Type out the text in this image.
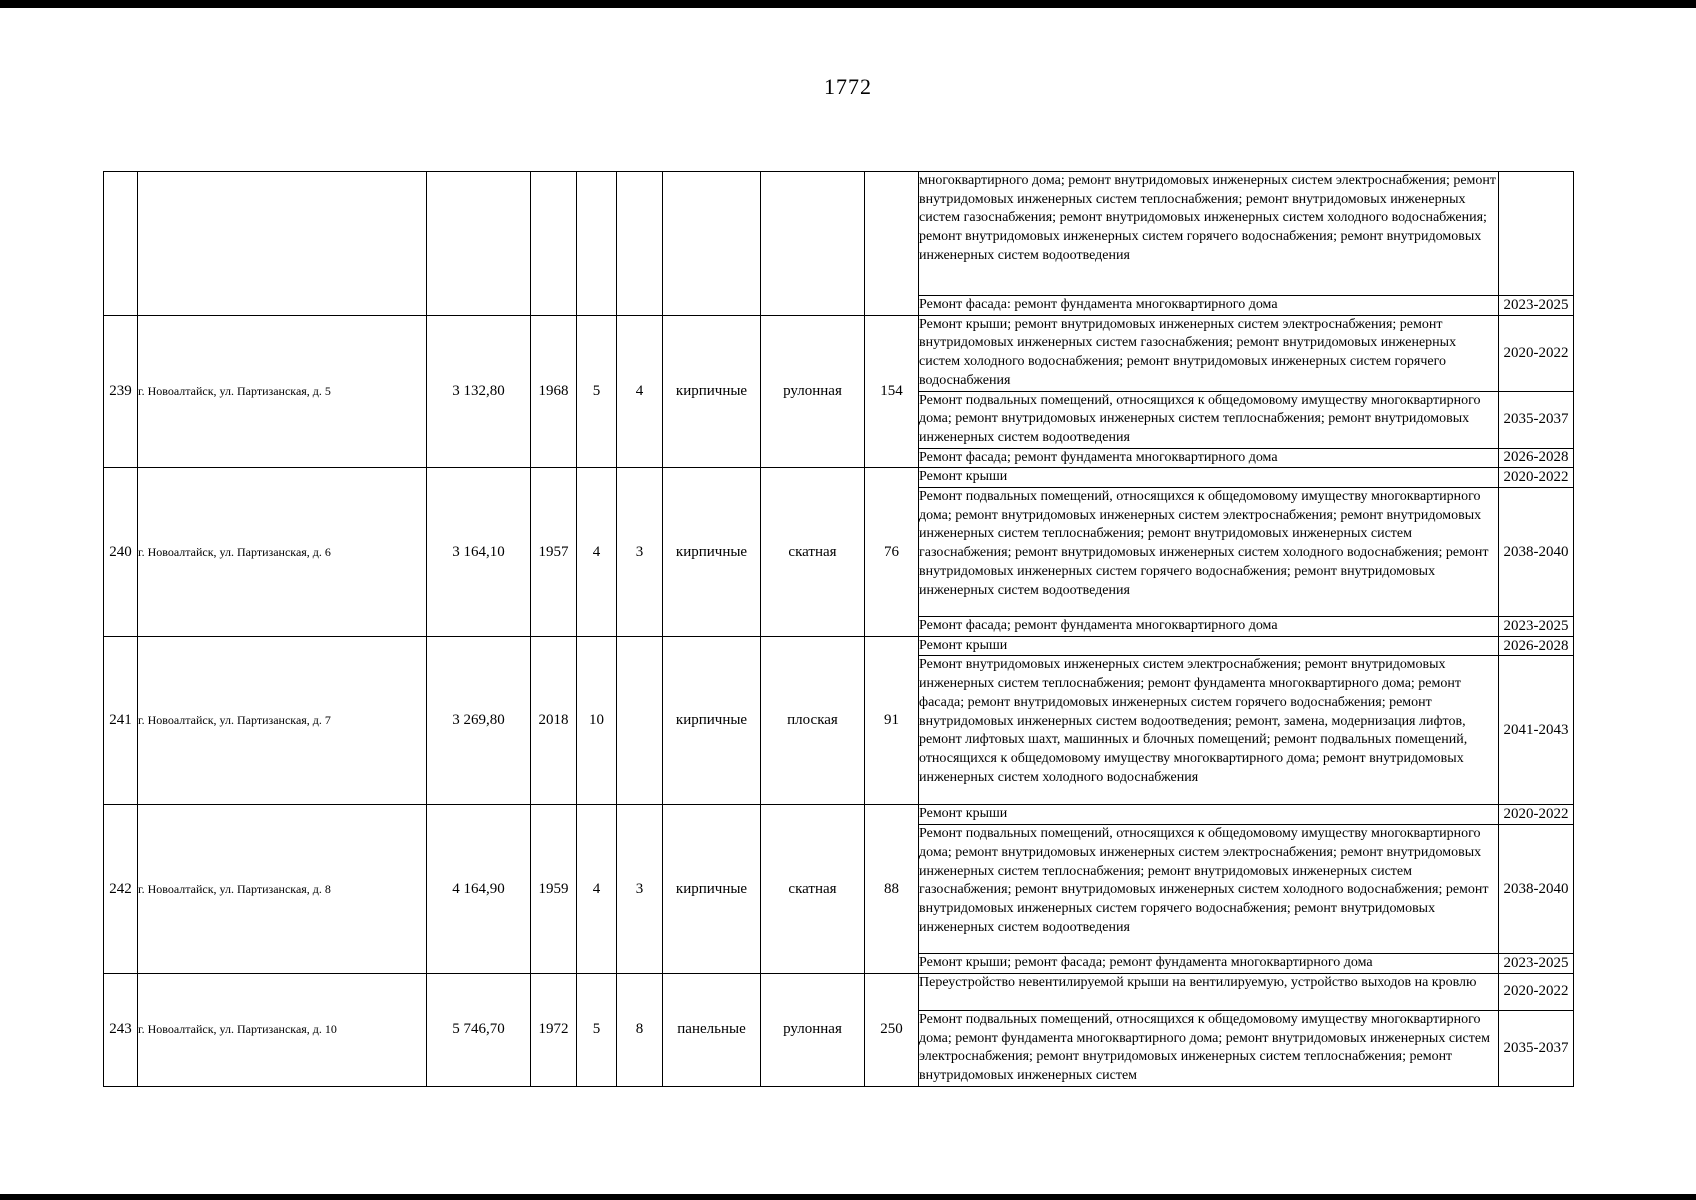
1772
									многоквартирного дома; ремонт внутридомовых инженерных систем электроснабжения; ремонт внутридомовых инженерных систем теплоснабжения; ремонт внутридомовых инженерных систем газоснабжения; ремонт внутридомовых инженерных систем холодного водоснабжения; ремонт внутридомовых инженерных систем горячего водоснабжения; ремонт внутридомовых инженерных систем водоотведения	
									Ремонт фасада: ремонт фундамента многоквартирного дома	2023-2025
239	г. Новоалтайск, ул. Партизанская, д. 5	3 132,80	1968	5	4	кирпичные	рулонная	154	Ремонт крыши; ремонт внутридомовых инженерных систем электроснабжения; ремонт внутридомовых инженерных систем газоснабжения; ремонт внутридомовых инженерных систем холодного водоснабжения; ремонт внутридомовых инженерных систем горячего водоснабжения	2020-2022
									Ремонт подвальных помещений, относящихся к общедомовому имуществу многоквартирного дома; ремонт внутридомовых инженерных систем теплоснабжения; ремонт внутридомовых инженерных систем водоотведения	2035-2037
									Ремонт фасада; ремонт фундамента многоквартирного дома	2026-2028
240	г. Новоалтайск, ул. Партизанская, д. 6	3 164,10	1957	4	3	кирпичные	скатная	76	Ремонт крыши	2020-2022
									Ремонт подвальных помещений, относящихся к общедомовому имуществу многоквартирного дома; ремонт внутридомовых инженерных систем электроснабжения; ремонт внутридомовых инженерных систем теплоснабжения; ремонт внутридомовых инженерных систем газоснабжения; ремонт внутридомовых инженерных систем холодного водоснабжения; ремонт внутридомовых инженерных систем горячего водоснабжения; ремонт внутридомовых инженерных систем водоотведения	2038-2040
									Ремонт фасада; ремонт фундамента многоквартирного дома	2023-2025
241	г. Новоалтайск, ул. Партизанская, д. 7	3 269,80	2018	10		кирпичные	плоская	91	Ремонт крыши	2026-2028
									Ремонт внутридомовых инженерных систем электроснабжения; ремонт внутридомовых инженерных систем теплоснабжения; ремонт фундамента многоквартирного дома; ремонт фасада; ремонт внутридомовых инженерных систем горячего водоснабжения; ремонт внутридомовых инженерных систем водоотведения; ремонт, замена, модернизация лифтов, ремонт лифтовых шахт, машинных и блочных помещений; ремонт подвальных помещений, относящихся к общедомовому имуществу многоквартирного дома; ремонт внутридомовых инженерных систем холодного водоснабжения	2041-2043
242	г. Новоалтайск, ул. Партизанская, д. 8	4 164,90	1959	4	3	кирпичные	скатная	88	Ремонт крыши	2020-2022
									Ремонт подвальных помещений, относящихся к общедомовому имуществу многоквартирного дома; ремонт внутридомовых инженерных систем электроснабжения; ремонт внутридомовых инженерных систем теплоснабжения; ремонт внутридомовых инженерных систем газоснабжения; ремонт внутридомовых инженерных систем холодного водоснабжения; ремонт внутридомовых инженерных систем горячего водоснабжения; ремонт внутридомовых инженерных систем водоотведения	2038-2040
									Ремонт крыши; ремонт фасада; ремонт фундамента многоквартирного дома	2023-2025
243	г. Новоалтайск, ул. Партизанская, д. 10	5 746,70	1972	5	8	панельные	рулонная	250	Переустройство невентилируемой крыши на вентилируемую, устройство выходов на кровлю	2020-2022
									Ремонт подвальных помещений, относящихся к общедомовому имуществу многоквартирного дома; ремонт фундамента многоквартирного дома; ремонт внутридомовых инженерных систем электроснабжения; ремонт внутридомовых инженерных систем теплоснабжения; ремонт внутридомовых инженерных систем	2035-2037
